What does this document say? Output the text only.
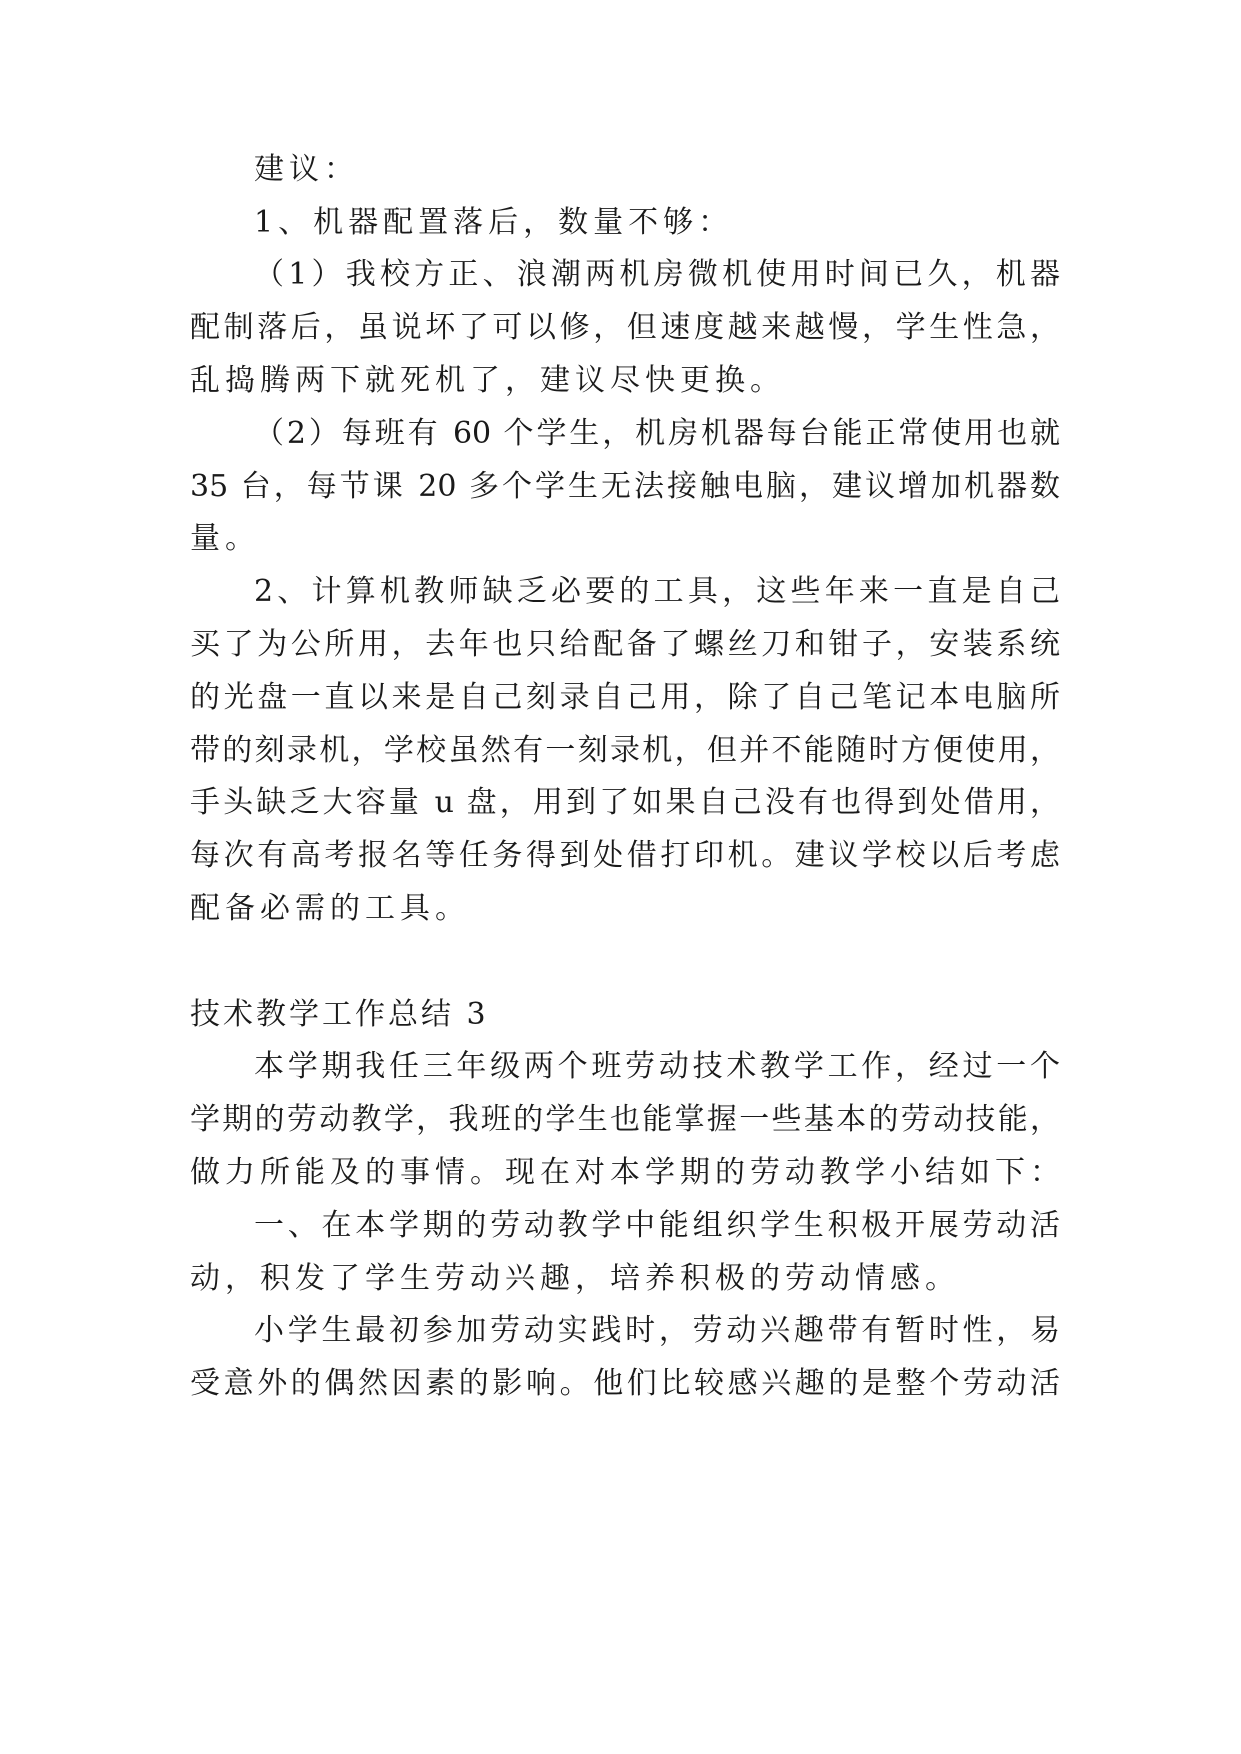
建议：
1、机器配置落后，数量不够：
（1）我校方正、浪潮两机房微机使用时间已久，机器
配制落后，虽说坏了可以修，但速度越来越慢，学生性急，
乱捣腾两下就死机了，建议尽快更换。
（2）每班有 60 个学生，机房机器每台能正常使用也就
35 台，每节课 20 多个学生无法接触电脑，建议增加机器数
量。
2、计算机教师缺乏必要的工具，这些年来一直是自己
买了为公所用，去年也只给配备了螺丝刀和钳子，安装系统
的光盘一直以来是自己刻录自己用，除了自己笔记本电脑所
带的刻录机，学校虽然有一刻录机，但并不能随时方便使用，
手头缺乏大容量 u 盘，用到了如果自己没有也得到处借用，
每次有高考报名等任务得到处借打印机。建议学校以后考虑
配备必需的工具。
技术教学工作总结 3
本学期我任三年级两个班劳动技术教学工作，经过一个
学期的劳动教学，我班的学生也能掌握一些基本的劳动技能，
做力所能及的事情。现在对本学期的劳动教学小结如下：
一、在本学期的劳动教学中能组织学生积极开展劳动活
动，积发了学生劳动兴趣，培养积极的劳动情感。
小学生最初参加劳动实践时，劳动兴趣带有暂时性，易
受意外的偶然因素的影响。他们比较感兴趣的是整个劳动活
